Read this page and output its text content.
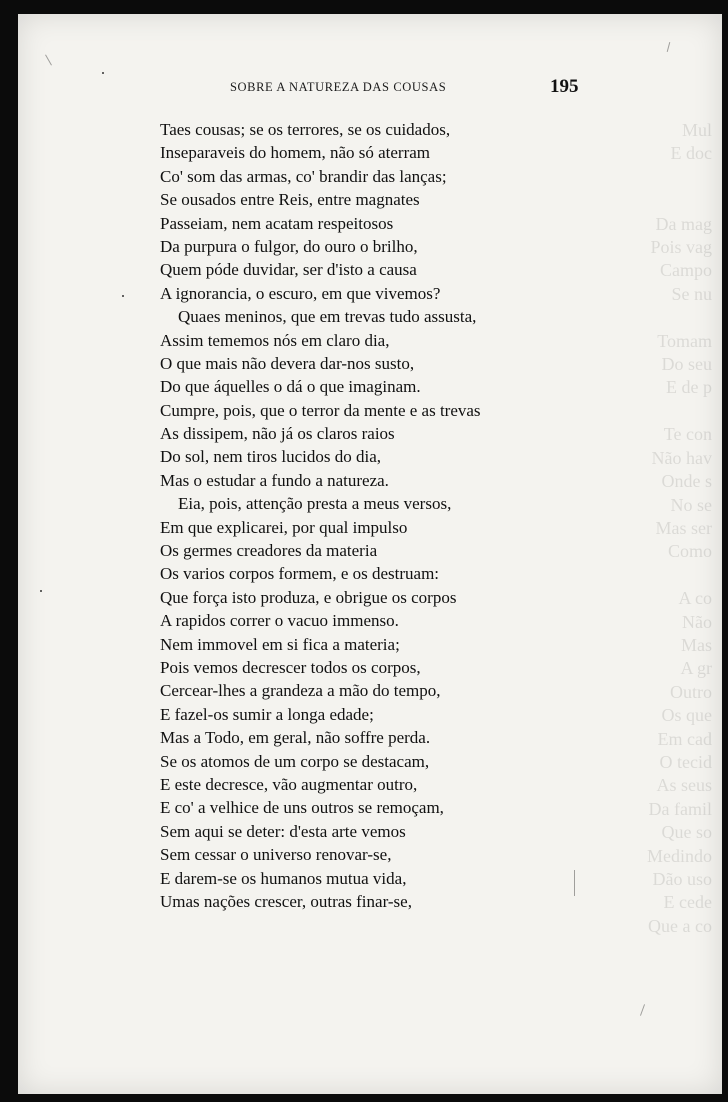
Mul
E doc

Da mag
Pois vag
Campo
Se nu

Tomam
Do seu
E de p

Te con
Não hav
Onde s
No se
Mas ser
Como

A co
Não
Mas
A gr
Outro
Os que
Em cad
O tecid
As seus
Da famil
Que so
Medindo
Dão uso
E cede
Que a co
SOBRE A NATUREZA DAS COUSAS	195
Taes cousas; se os terrores, se os cuidados,
Inseparaveis do homem, não só aterram
Co' som das armas, co' brandir das lanças;
Se ousados entre Reis, entre magnates
Passeiam, nem acatam respeitosos
Da purpura o fulgor, do ouro o brilho,
Quem póde duvidar, ser d'isto a causa
A ignorancia, o escuro, em que vivemos?
Quaes meninos, que em trevas tudo assusta,
Assim tememos nós em claro dia,
O que mais não devera dar-nos susto,
Do que áquelles o dá o que imaginam.
Cumpre, pois, que o terror da mente e as trevas
As dissipem, não já os claros raios
Do sol, nem tiros lucidos do dia,
Mas o estudar a fundo a natureza.
Eia, pois, attenção presta a meus versos,
Em que explicarei, por qual impulso
Os germes creadores da materia
Os varios corpos formem, e os destruam:
Que força isto produza, e obrigue os corpos
A rapidos correr o vacuo immenso.
Nem immovel em si fica a materia;
Pois vemos decrescer todos os corpos,
Cercear-lhes a grandeza a mão do tempo,
E fazel-os sumir a longa edade;
Mas a Todo, em geral, não soffre perda.
Se os atomos de um corpo se destacam,
E este decresce, vão augmentar outro,
E co' a velhice de uns outros se remoçam,
Sem aqui se deter: d'esta arte vemos
Sem cessar o universo renovar-se,
E darem-se os humanos mutua vida,
Umas nações crescer, outras finar-se,
